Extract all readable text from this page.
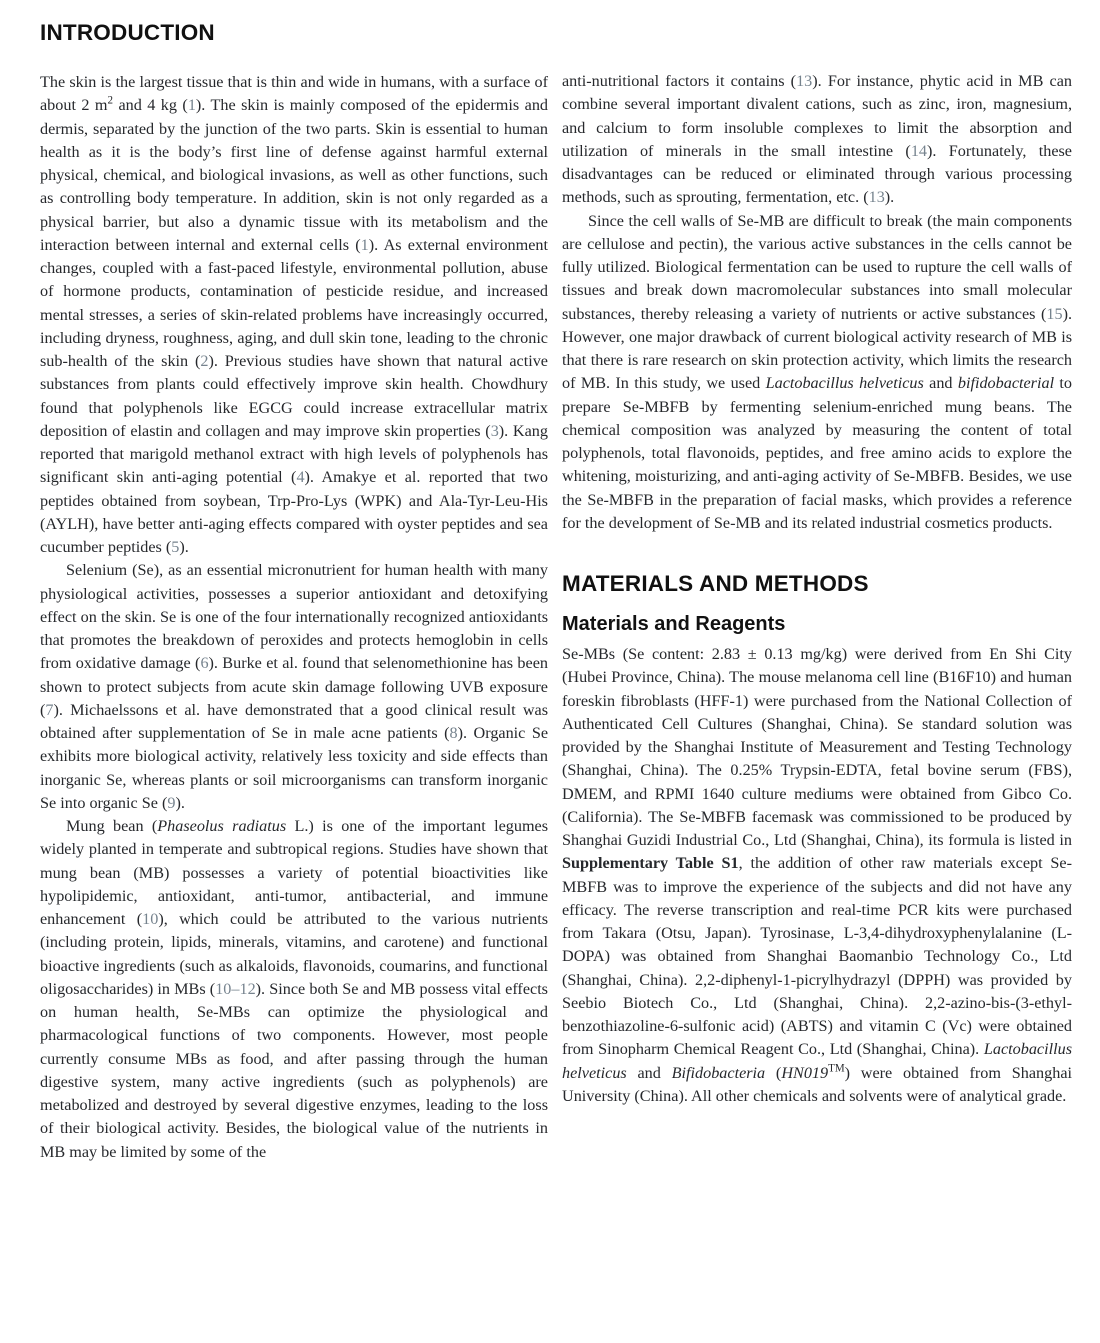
INTRODUCTION

The skin is the largest tissue that is thin and wide in humans, with a surface of about 2 $m^2$ and 4 kg (1). The skin is mainly composed of the epidermis and dermis, separated by the junction of the two parts. Skin is essential to human health as it is the body’s first line of defense against harmful external physical, chemical, and biological invasions, as well as other functions, such as controlling body temperature. In addition, skin is not only regarded as a physical barrier, but also a dynamic tissue with its metabolism and the interaction between internal and external cells (1). As external environment changes, coupled with a fast-paced lifestyle, environmental pollution, abuse of hormone products, contamination of pesticide residue, and increased mental stresses, a series of skin-related problems have increasingly occurred, including dryness, roughness, aging, and dull skin tone, leading to the chronic sub-health of the skin (2). Previous studies have shown that natural active substances from plants could effectively improve skin health. Chowdhury found that polyphenols like EGCG could increase extracellular matrix deposition of elastin and collagen and may improve skin properties (3). Kang reported that marigold methanol extract with high levels of polyphenols has significant skin anti-aging potential (4). Amakye et al. reported that two peptides obtained from soybean, Trp-Pro-Lys (WPK) and Ala-Tyr-Leu-His (AYLH), have better anti-aging effects compared with oyster peptides and sea cucumber peptides (5).

Selenium (Se), as an essential micronutrient for human health with many physiological activities, possesses a superior antioxidant and detoxifying effect on the skin. Se is one of the four internationally recognized antioxidants that promotes the breakdown of peroxides and protects hemoglobin in cells from oxidative damage (6). Burke et al. found that selenomethionine has been shown to protect subjects from acute skin damage following UVB exposure (7). Michaelssons et al. have demonstrated that a good clinical result was obtained after supplementation of Se in male acne patients (8). Organic Se exhibits more biological activity, relatively less toxicity and side effects than inorganic Se, whereas plants or soil microorganisms can transform inorganic Se into organic Se (9).

Mung bean (Phaseolus radiatus L.) is one of the important legumes widely planted in temperate and subtropical regions. Studies have shown that mung bean (MB) possesses a variety of potential bioactivities like hypolipidemic, antioxidant, anti-tumor, antibacterial, and immune enhancement (10), which could be attributed to the various nutrients (including protein, lipids, minerals, vitamins, and carotene) and functional bioactive ingredients (such as alkaloids, flavonoids, coumarins, and functional oligosaccharides) in MBs (10–12). Since both Se and MB possess vital effects on human health, Se-MBs can optimize the physiological and pharmacological functions of two components. However, most people currently consume MBs as food, and after passing through the human digestive system, many active ingredients (such as polyphenols) are metabolized and destroyed by several digestive enzymes, leading to the loss of their biological activity. Besides, the biological value of the nutrients in MB may be limited by some of the

anti-nutritional factors it contains (13). For instance, phytic acid in MB can combine several important divalent cations, such as zinc, iron, magnesium, and calcium to form insoluble complexes to limit the absorption and utilization of minerals in the small intestine (14). Fortunately, these disadvantages can be reduced or eliminated through various processing methods, such as sprouting, fermentation, etc. (13).

Since the cell walls of Se-MB are difficult to break (the main components are cellulose and pectin), the various active substances in the cells cannot be fully utilized. Biological fermentation can be used to rupture the cell walls of tissues and break down macromolecular substances into small molecular substances, thereby releasing a variety of nutrients or active substances (15). However, one major drawback of current biological activity research of MB is that there is rare research on skin protection activity, which limits the research of MB. In this study, we used Lactobacillus helveticus and bifidobacterial to prepare Se-MBFB by fermenting selenium-enriched mung beans. The chemical composition was analyzed by measuring the content of total polyphenols, total flavonoids, peptides, and free amino acids to explore the whitening, moisturizing, and anti-aging activity of Se-MBFB. Besides, we use the Se-MBFB in the preparation of facial masks, which provides a reference for the development of Se-MB and its related industrial cosmetics products.

MATERIALS AND METHODS
Materials and Reagents

Se-MBs (Se content: 2.83 ± 0.13 mg/kg) were derived from En Shi City (Hubei Province, China). The mouse melanoma cell line (B16F10) and human foreskin fibroblasts (HFF-1) were purchased from the National Collection of Authenticated Cell Cultures (Shanghai, China). Se standard solution was provided by the Shanghai Institute of Measurement and Testing Technology (Shanghai, China). The 0.25% Trypsin-EDTA, fetal bovine serum (FBS), DMEM, and RPMI 1640 culture mediums were obtained from Gibco Co. (California). The Se-MBFB facemask was commissioned to be produced by Shanghai Guzidi Industrial Co., Ltd (Shanghai, China), its formula is listed in Supplementary Table S1, the addition of other raw materials except Se-MBFB was to improve the experience of the subjects and did not have any efficacy. The reverse transcription and real-time PCR kits were purchased from Takara (Otsu, Japan). Tyrosinase, L-3,4-dihydroxyphenylalanine (L-DOPA) was obtained from Shanghai Baomanbio Technology Co., Ltd (Shanghai, China). 2,2-diphenyl-1-picrylhydrazyl (DPPH) was provided by Seebio Biotech Co., Ltd (Shanghai, China). 2,2-azino-bis-(3-ethyl-benzothiazoline-6-sulfonic acid) (ABTS) and vitamin C (Vc) were obtained from Sinopharm Chemical Reagent Co., Ltd (Shanghai, China). Lactobacillus helveticus and Bifidobacteria (HN019™) were obtained from Shanghai University (China). All other chemicals and solvents were of analytical grade.
